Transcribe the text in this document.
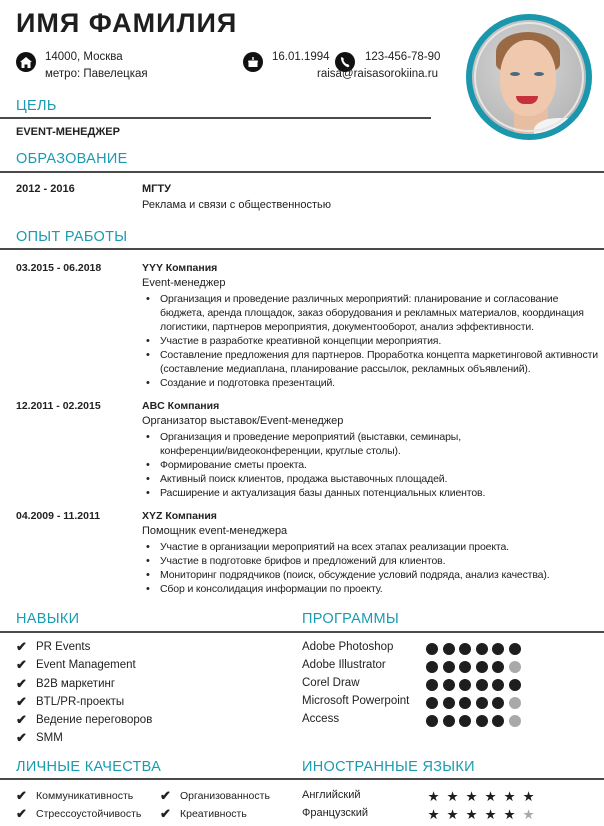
ИМЯ ФАМИЛИЯ
14000, Москва
метро: Павелецкая
16.01.1994	123-456-78-90
raisa@raisasorokiina.ru
ЦЕЛЬ
EVENT-МЕНЕДЖЕР
ОБРАЗОВАНИЕ
2012 - 2016	МГТУ
Реклама и связи с общественностью
ОПЫТ РАБОТЫ
03.2015 - 06.2018	YYY Компания
Event-менеджер
• Организация и проведение различных мероприятий: планирование и согласование бюджета, аренда площадок, заказ оборудования и рекламных материалов, координация логистики, партнеров мероприятия, документооборот, анализ эффективности.
• Участие в разработке креативной концепции мероприятия.
• Составление предложения для партнеров. Проработка концепта маркетинговой активности (составление медиаплана, планирование рассылок, рекламных объявлений).
• Создание и подготовка презентаций.
12.2011 - 02.2015	ABC Компания
Организатор выставок/Event-менеджер
• Организация и проведение мероприятий (выставки, семинары, конференции/видеоконференции, круглые столы).
• Формирование сметы проекта.
• Активный поиск клиентов, продажа выставочных площадей.
• Расширение и актуализация базы данных потенциальных клиентов.
04.2009 - 11.2011	XYZ Компания
Помощник event-менеджера
• Участие в организации мероприятий на всех этапах реализации проекта.
• Участие в подготовке брифов и предложений для клиентов.
• Мониторинг подрядчиков (поиск, обсуждение условий подряда, анализ качества).
• Сбор и консолидация информации по проекту.
НАВЫКИ	ПРОГРАММЫ
✔ PR Events
✔ Event Management
✔ B2B маркетинг
✔ BTL/PR-проекты
✔ Ведение переговоров
✔ SMM
Adobe Photoshop
Adobe Illustrator
Corel Draw
Microsoft Powerpoint
Access
ЛИЧНЫЕ КАЧЕСТВА	ИНОСТРАННЫЕ ЯЗЫКИ
✔ Коммуникативность
✔ Стрессоустойчивость
✔ Организованность
✔ Креативность
Английский	★ ★ ★ ★ ★ ★
Французский	★ ★ ★ ★ ★ ★
